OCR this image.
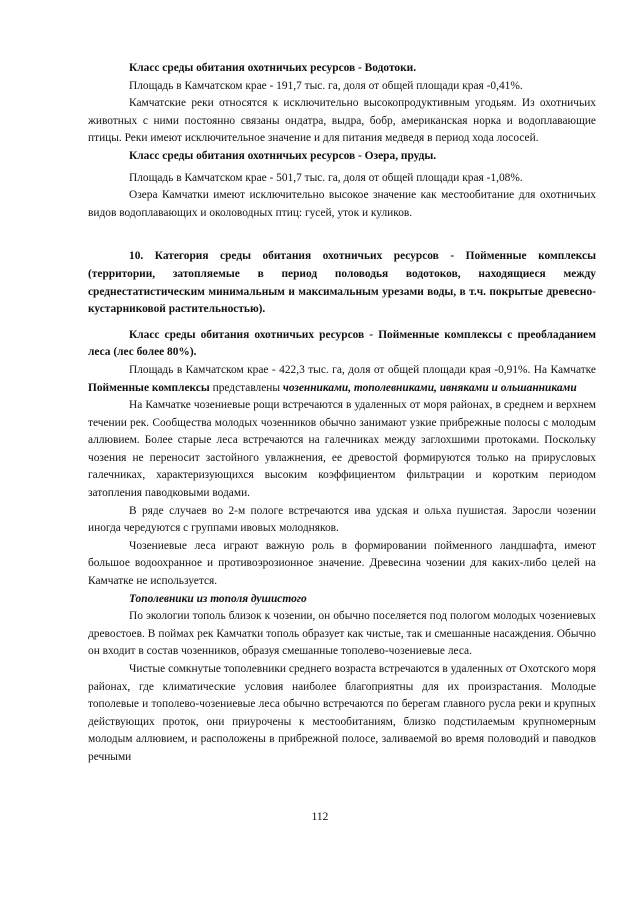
Класс среды обитания охотничьих ресурсов - Водотоки.

Площадь в Камчатском крае - 191,7 тыс. га, доля от общей площади края -0,41%.

Камчатские реки относятся к исключительно высокопродуктивным угодьям. Из охотничьих животных с ними постоянно связаны ондатра, выдра, бобр, американская норка и водоплавающие птицы. Реки имеют исключительное значение и для питания медведя в период хода лососей.

Класс среды обитания охотничьих ресурсов - Озера, пруды.

Площадь в Камчатском крае - 501,7 тыс. га, доля от общей площади края -1,08%.

Озера Камчатки имеют исключительно высокое значение как местообитание для охотничьих видов водоплавающих и околоводных птиц: гусей, уток и куликов.

10. Категория среды обитания охотничьих ресурсов - Пойменные комплексы (территории, затопляемые в период половодья водотоков, находящиеся между среднестатистическим минимальным и максимальным урезами воды, в т.ч. покрытые древесно-кустарниковой растительностью).

Класс среды обитания охотничьих ресурсов - Пойменные комплексы с преобладанием леса (лес более 80%).

Площадь в Камчатском крае - 422,3 тыс. га, доля от общей площади края -0,91%. На Камчатке Пойменные комплексы представлены чозенниками, тополевниками, ивняками и ольшанниками

На Камчатке чозениевые рощи встречаются в удаленных от моря районах, в среднем и верхнем течении рек. Сообщества молодых чозенников обычно занимают узкие прибрежные полосы с молодым аллювием. Более старые леса встречаются на галечниках между заглохшими протоками. Поскольку чозения не переносит застойного увлажнения, ее древостой формируются только на прирусловых галечниках, характеризующихся высоким коэффициентом фильтрации и коротким периодом затопления паводковыми водами.

В ряде случаев во 2-м пологе встречаются ива удская и ольха пушистая. Заросли чозении иногда чередуются с группами ивовых молодняков.

Чозениевые леса играют важную роль в формировании пойменного ландшафта, имеют большое водоохранное и противоэрозионное значение. Древесина чозении для каких-либо целей на Камчатке не используется.

Тополевники из тополя душистого

По экологии тополь близок к чозении, он обычно поселяется под пологом молодых чозениевых древостоев. В поймах рек Камчатки тополь образует как чистые, так и смешанные насаждения. Обычно он входит в состав чозенников, образуя смешанные тополево-чозениевые леса.

Чистые сомкнутые тополевники среднего возраста встречаются в удаленных от Охотского моря районах, где климатические условия наиболее благоприятны для их произрастания. Молодые тополевые и тополево-чозениевые леса обычно встречаются по берегам главного русла реки и крупных действующих проток, они приурочены к местообитаниям, близко подстилаемым крупномерным молодым аллювием, и расположены в прибрежной полосе, заливаемой во время половодий и паводков речными

112
